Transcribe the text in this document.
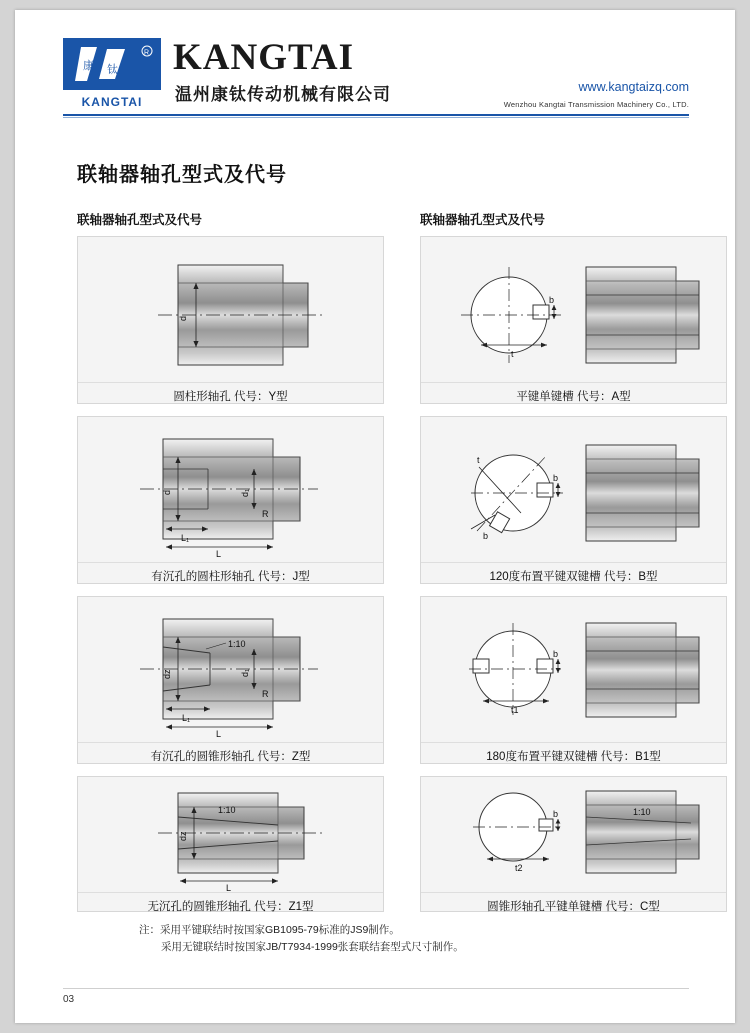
康 钛
R
KANGTAI
KANGTAI
温州康钛传动机械有限公司	www.kangtaizq.com
Wenzhou Kangtai Transmission Machinery Co., LTD.
联轴器轴孔型式及代号
联轴器轴孔型式及代号	联轴器轴孔型式及代号
d
圆柱形轴孔 代号：Y型
d	d₁
R
L₁
L
有沉孔的圆柱形轴孔 代号：J型
1:10
dz	d₁
R
L₁
L
有沉孔的圆锥形轴孔 代号：Z型
1:10
dz
L
无沉孔的圆锥形轴孔 代号：Z1型
b
t
平键单键槽 代号：A型
b
b
t
120度布置平键双键槽 代号：B型
b
t1
180度布置平键双键槽 代号：B1型
b
t2
1:10
圆锥形轴孔平键单键槽 代号：C型
注：采用平键联结时按国家GB1095-79标准的JS9制作。
采用无键联结时按国家JB/T7934-1999张套联结套型式尺寸制作。
03
